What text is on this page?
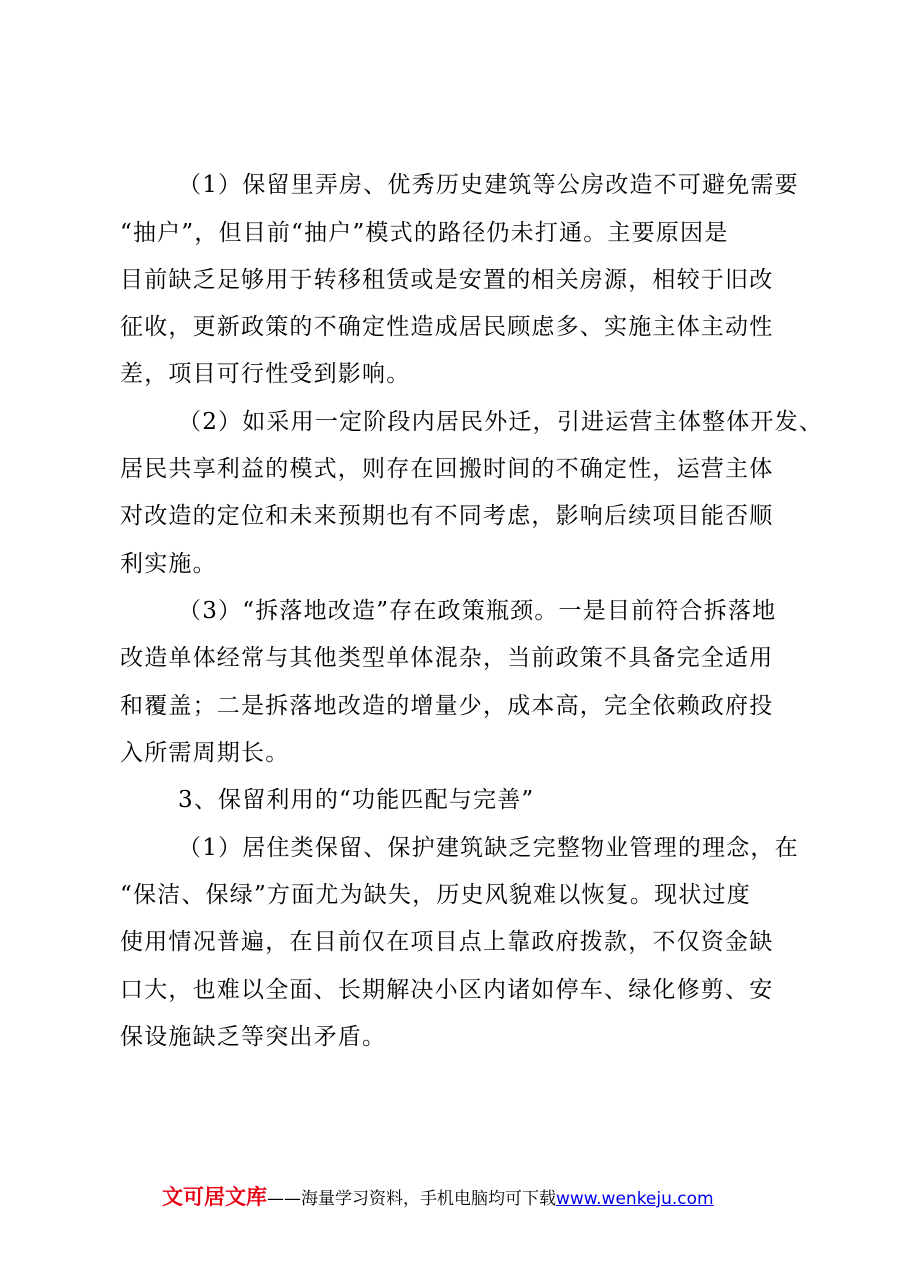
（1）保留里弄房、优秀历史建筑等公房改造不可避免需要
“抽户”，但目前“抽户”模式的路径仍未打通。主要原因是
目前缺乏足够用于转移租赁或是安置的相关房源，相较于旧改
征收，更新政策的不确定性造成居民顾虑多、实施主体主动性
差，项目可行性受到影响。
（2）如采用一定阶段内居民外迁，引进运营主体整体开发、
居民共享利益的模式，则存在回搬时间的不确定性，运营主体
对改造的定位和未来预期也有不同考虑，影响后续项目能否顺
利实施。
（3）“拆落地改造”存在政策瓶颈。一是目前符合拆落地
改造单体经常与其他类型单体混杂，当前政策不具备完全适用
和覆盖；二是拆落地改造的增量少，成本高，完全依赖政府投
入所需周期长。
3、保留利用的“功能匹配与完善”
（1）居住类保留、保护建筑缺乏完整物业管理的理念，在
“保洁、保绿”方面尤为缺失，历史风貌难以恢复。现状过度
使用情况普遍，在目前仅在项目点上靠政府拨款，不仅资金缺
口大，也难以全面、长期解决小区内诸如停车、绿化修剪、安
保设施缺乏等突出矛盾。
文可居文库——海量学习资料，手机电脑均可下载www.wenkeju.com
